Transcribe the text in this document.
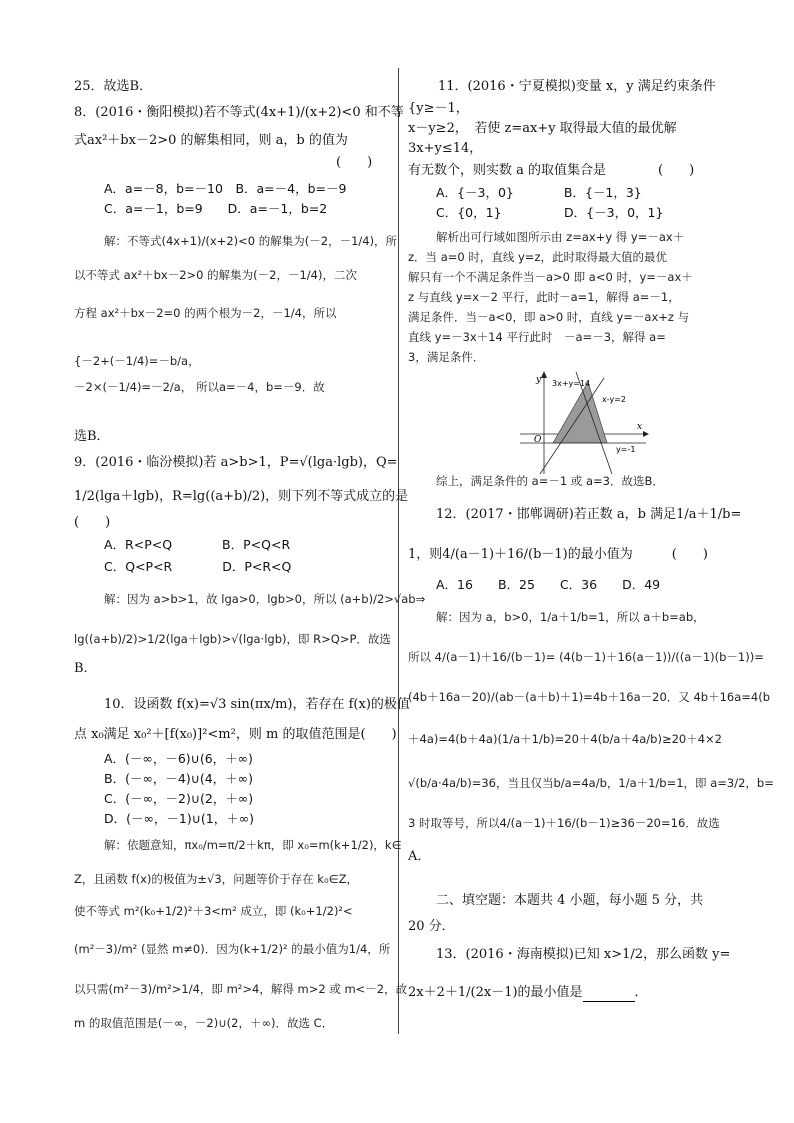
25．故选B．
8．(2016・衡阳模拟)若不等式(4x+1)/(x+2)<0 和不等
式ax²＋bx－2>0 的解集相同，则 a，b 的值为
(　　)
A．a=－8，b=－10　B．a=－4，b=－9
C．a=－1，b=9　　D．a=－1，b=2
解：不等式(4x+1)/(x+2)<0 的解集为(－2，－1/4)，所
以不等式 ax²＋bx－2>0 的解集为(－2，－1/4)，二次
方程 ax²＋bx－2=0 的两个根为－2，－1/4，所以
{－2+(－1/4)=－b/a，
－2×(－1/4)=－2/a， 所以a=－4，b=－9．故
选B．
9．(2016・临汾模拟)若 a>b>1，P=√(lga·lgb)，Q=
1/2(lga＋lgb)，R=lg((a+b)/2)，则下列不等式成立的是
(　　)
A．R<P<Q　　　　B．P<Q<R
C．Q<P<R　　　　D．P<R<Q
解：因为 a>b>1，故 lga>0，lgb>0，所以 (a+b)/2>√ab⇒
lg((a+b)/2)>1/2(lga＋lgb)>√(lga·lgb)，即 R>Q>P．故选
B．
10．设函数 f(x)=√3 sin(πx/m)，若存在 f(x)的极值
点 x₀满足 x₀²＋[f(x₀)]²<m²，则 m 的取值范围是(　　)
A．(－∞，－6)∪(6，＋∞)
B．(－∞，－4)∪(4，＋∞)
C．(－∞，－2)∪(2，＋∞)
D．(－∞，－1)∪(1，＋∞)
解：依题意知，πx₀/m=π/2＋kπ，即 x₀=m(k+1/2)，k∈
Z，且函数 f(x)的极值为±√3，问题等价于存在 k₀∈Z，
使不等式 m²(k₀+1/2)²＋3<m² 成立，即 (k₀+1/2)²<
(m²－3)/m² (显然 m≠0)．因为(k+1/2)² 的最小值为1/4，所
以只需(m²－3)/m²>1/4，即 m²>4，解得 m>2 或 m<－2，故
m 的取值范围是(－∞，－2)∪(2，＋∞)．故选 C．
11．(2016・宁夏模拟)变量 x，y 满足约束条件
{y≥－1，
x－y≥2，　若使 z=ax+y 取得最大值的最优解
3x+y≤14，
有无数个，则实数 a 的取值集合是　　　　(　　)
A．{－3，0}　　　　B．{－1，3}
C．{0，1}　　　　　D．{－3，0，1}
解析出可行域如图所示由 z=ax+y 得 y=－ax＋
z．当 a=0 时，直线 y=z，此时取得最大值的最优
解只有一个不满足条件当－a>0 即 a<0 时，y=－ax＋
z 与直线 y=x－2 平行，此时－a=1，解得 a=－1，
满足条件．当－a<0，即 a>0 时，直线 y=－ax+z 与
直线 y=－3x＋14 平行此时　－a=－3，解得 a=
3，满足条件．
y
x
O
3x+y=14
x-y=2
y=-1
综上，满足条件的 a=－1 或 a=3．故选B．
12．(2017・邯郸调研)若正数 a，b 满足1/a＋1/b=
1，则4/(a－1)＋16/(b－1)的最小值为　　　(　　)
A．16　　B．25　　C．36　　D．49
解：因为 a，b>0，1/a＋1/b=1，所以 a＋b=ab，
所以 4/(a－1)＋16/(b－1)= (4(b－1)＋16(a－1))/((a－1)(b－1))=
(4b＋16a－20)/(ab－(a＋b)＋1)=4b＋16a－20．又 4b＋16a=4(b
＋4a)=4(b＋4a)(1/a＋1/b)=20＋4(b/a＋4a/b)≥20＋4×2
√(b/a·4a/b)=36，当且仅当b/a=4a/b，1/a＋1/b=1，即 a=3/2，b=
3 时取等号，所以4/(a－1)＋16/(b－1)≥36－20=16．故选
A．
二、填空题：本题共 4 小题，每小题 5 分，共
20 分．
13．(2016・海南模拟)已知 x>1/2，那么函数 y=
2x＋2＋1/(2x－1)的最小值是	．
